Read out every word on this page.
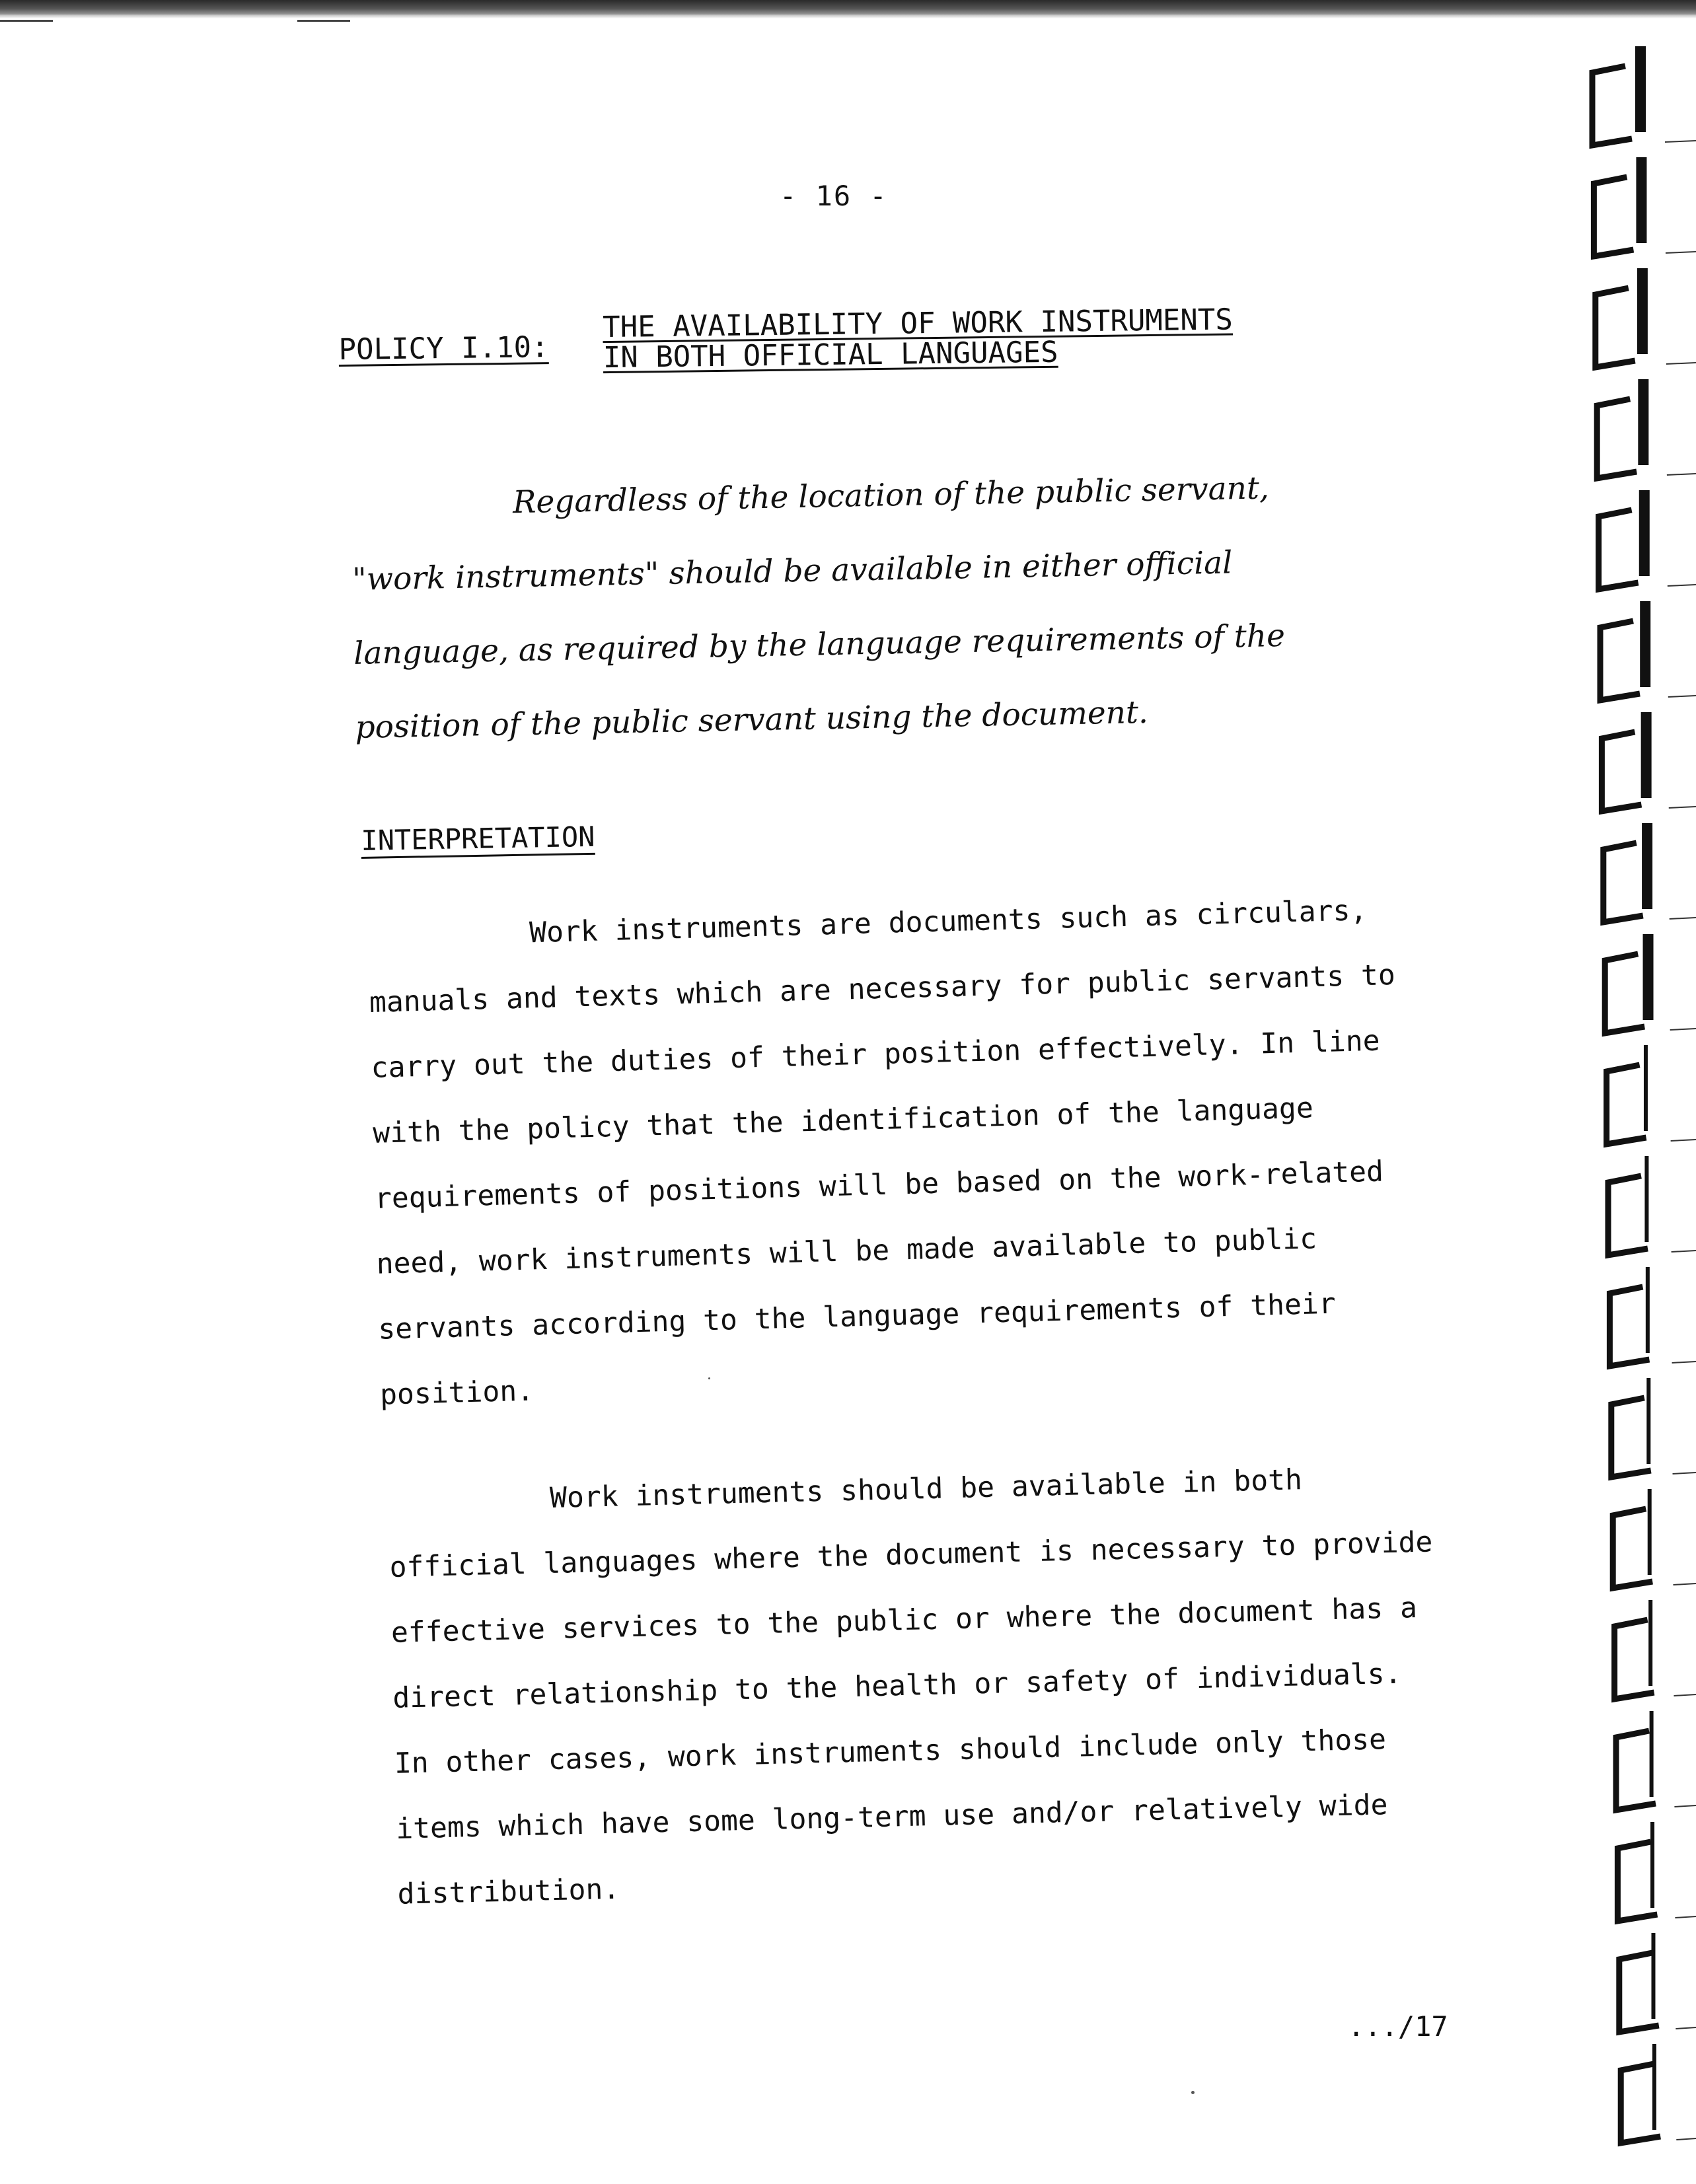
- 16 -
POLICY I.10:
THE AVAILABILITY OF WORK INSTRUMENTS
IN BOTH OFFICIAL LANGUAGES

Regardless of the location of the public servant,

"work instruments" should be available in either official

language, as required by the language requirements of the

position of the public servant using the document.

INTERPRETATION

Work instruments are documents such as circulars,

manuals and texts which are necessary for public servants to

carry out the duties of their position effectively. In line

with the policy that the identification of the language

requirements of positions will be based on the work-related

need, work instruments will be made available to public

servants according to the language requirements of their

position.

Work instruments should be available in both

official languages where the document is necessary to provide

effective services to the public or where the document has a

direct relationship to the health or safety of individuals.

In other cases, work instruments should include only those

items which have some long-term use and/or relatively wide

distribution.

.../17
